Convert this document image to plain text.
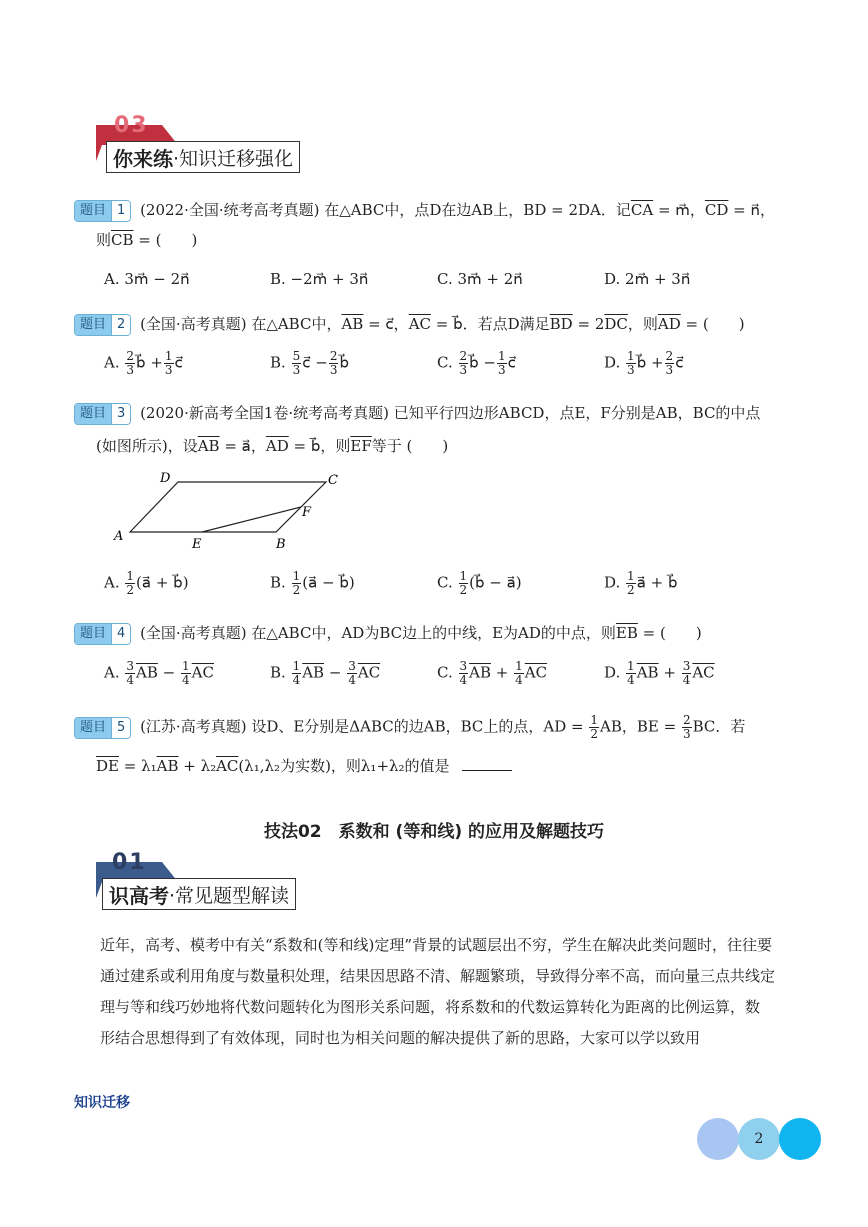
03
你来练 ·知识迁移强化
题目 1 (2022·全国·统考高考真题) 在△ABC中，点D在边AB上，BD = 2DA．记$\overline{CA}$ = m⃗，$\overline{CD}$ = n⃗，
则$\overline{CB}$ = (　　)
A. 3m⃗ − 2n⃗	B. −2m⃗ + 3n⃗	C. 3m⃗ + 2n⃗	D. 2m⃗ + 3n⃗
题目 2 (全国·高考真题) 在△ABC中，$\overline{AB}$ = c⃗，$\overline{AC}$ = b⃗．若点D满足$\overline{BD} = 2\overline{DC}$，则$\overline{AD}$ = (　　)
A. $\frac{2}{3}$ b⃗ + $\frac{1}{3}$ c⃗	B. $\frac{5}{3}$ c⃗ − $\frac{2}{3}$ b⃗	C. $\frac{2}{3}$ b⃗ − $\frac{1}{3}$ c⃗	D. $\frac{1}{3}$ b⃗ + $\frac{2}{3}$ c⃗
题目 3 (2020·新高考全国1卷·统考高考真题) 已知平行四边形ABCD，点E，F分别是AB，BC的中点
(如图所示)，设$\overline{AB}$ = a⃗，$\overline{AD}$ = b⃗，则$\overline{EF}$等于 (　　)
A
D	C
B
E
F
A. $\frac{1}{2}$ (a⃗ + b⃗)	B. $\frac{1}{2}$ (a⃗ − b⃗)	C. $\frac{1}{2}$ (b⃗ − a⃗)	D. $\frac{1}{2}$ a⃗ + b⃗
题目 4 (全国·高考真题) 在△ABC中，AD为BC边上的中线，E为AD的中点，则$\overline{EB}$ = (　　)
A. $\frac{3}{4} \overline{AB} - \frac{1}{4} \overline{AC}$	B. $\frac{1}{4} \overline{AB} - \frac{3}{4} \overline{AC}$	C. $\frac{3}{4} \overline{AB} + \frac{1}{4} \overline{AC}$	D. $\frac{1}{4} \overline{AB} + \frac{3}{4} \overline{AC}$
题目 5 (江苏·高考真题) 设D、E分别是ΔABC的边AB，BC上的点，AD = $\frac{1}{2}$ AB，BE = $\frac{2}{3}$ BC．若
$\overline{DE} = \lambda_1\overline{AB} + \lambda_2\overline{AC}(\lambda_1,\lambda_2$为实数)，则λ₁+λ₂的值是
技法02　系数和 (等和线) 的应用及解题技巧
01
识高考 ·常见题型解读
近年，高考、模考中有关“系数和(等和线)定理”背景的试题层出不穷，学生在解决此类问题时，往往要
通过建系或利用角度与数量积处理，结果因思路不清、解题繁琐，导致得分率不高，而向量三点共线定
理与等和线巧妙地将代数问题转化为图形关系问题，将系数和的代数运算转化为距离的比例运算，数
形结合思想得到了有效体现，同时也为相关问题的解决提供了新的思路，大家可以学以致用
知识迁移
2
